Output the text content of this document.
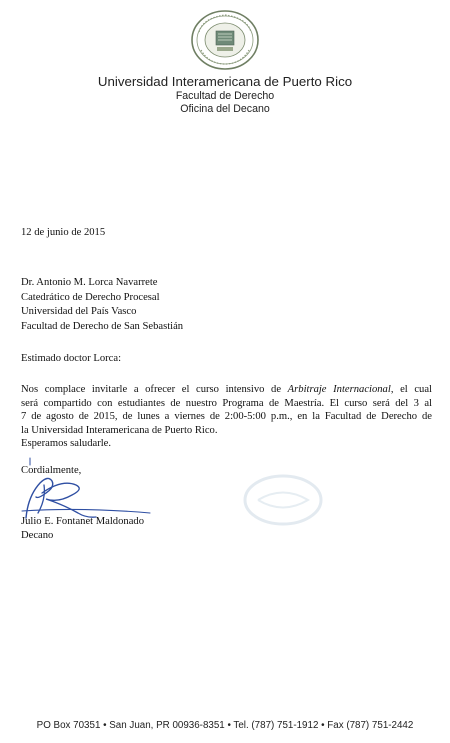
Universidad Interamericana de Puerto Rico
Facultad de Derecho
Oficina del Decano
12 de junio de 2015
Dr. Antonio M. Lorca Navarrete
Catedrático de Derecho Procesal
Universidad del País Vasco
Facultad de Derecho de San Sebastián
Estimado doctor Lorca:
Nos complace invitarle a ofrecer el curso intensivo de Arbitraje Internacional, el cual
será compartido con estudiantes de nuestro Programa de Maestría. El curso será del 3 al
7 de agosto de 2015, de lunes a viernes de 2:00-5:00 p.m., en la Facultad de Derecho de
la Universidad Interamericana de Puerto Rico.
Esperamos saludarle.
Cordialmente,
Julio E. Fontanet Maldonado
Decano
PO Box 70351 • San Juan, PR 00936-8351 • Tel. (787) 751-1912 • Fax (787) 751-2442
